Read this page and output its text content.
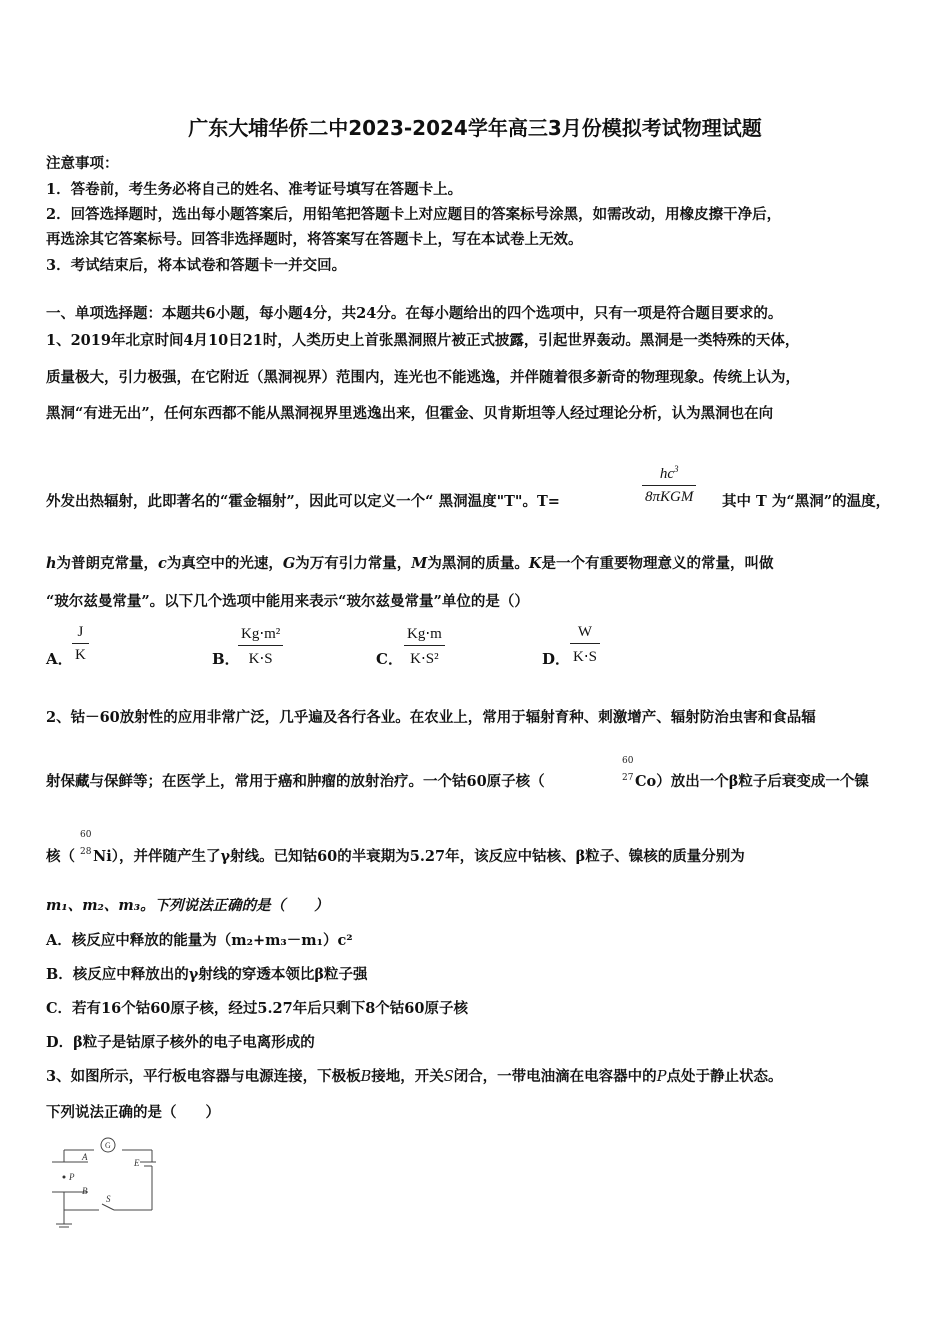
广东大埔华侨二中2023-2024学年高三3月份模拟考试物理试题
注意事项：
1．答卷前，考生务必将自己的姓名、准考证号填写在答题卡上。
2．回答选择题时，选出每小题答案后，用铅笔把答题卡上对应题目的答案标号涂黑，如需改动，用橡皮擦干净后，
再选涂其它答案标号。回答非选择题时，将答案写在答题卡上，写在本试卷上无效。
3．考试结束后，将本试卷和答题卡一并交回。
一、单项选择题：本题共6小题，每小题4分，共24分。在每小题给出的四个选项中，只有一项是符合题目要求的。
1、2019年北京时间4月10日21时，人类历史上首张黑洞照片被正式披露，引起世界轰动。黑洞是一类特殊的天体，
质量极大，引力极强，在它附近（黑洞视界）范围内，连光也不能逃逸，并伴随着很多新奇的物理现象。传统上认为，
黑洞“有进无出”，任何东西都不能从黑洞视界里逃逸出来，但霍金、贝肯斯坦等人经过理论分析，认为黑洞也在向
外发出热辐射，此即著名的“霍金辐射”，因此可以定义一个“ 黑洞温度"T"。T=
$hc^3$
8πKGM 其中 T 为“黑洞”的温度，
h为普朗克常量，c为真空中的光速，G为万有引力常量，M为黑洞的质量。K是一个有重要物理意义的常量，叫做
“玻尔兹曼常量”。以下几个选项中能用来表示“玻尔兹曼常量”单位的是（）
A．
J
K	B．
Kg⋅m²
K⋅S	C．
Kg⋅m
K⋅S²	D．
W
K⋅S
2、钴－60放射性的应用非常广泛，几乎遍及各行各业。在农业上，常用于辐射育种、刺激增产、辐射防治虫害和食品辐
射保藏与保鲜等；在医学上，常用于癌和肿瘤的放射治疗。一个钴60原子核（
60
27 Co）放出一个β粒子后衰变成一个镍
核（
60
28 Ni），并伴随产生了γ射线。已知钴60的半衰期为5.27年，该反应中钴核、β粒子、镍核的质量分别为
m₁、m₂、m₃。下列说法正确的是（　　）
A．核反应中释放的能量为（m₂+m₃－m₁）c²
B．核反应中释放出的γ射线的穿透本领比β粒子强
C．若有16个钴60原子核，经过5.27年后只剩下8个钴60原子核
D．β粒子是钴原子核外的电子电离形成的
3、如图所示，平行板电容器与电源连接，下极板B接地，开关S闭合，一带电油滴在电容器中的P点处于静止状态。
下列说法正确的是（　　）
G
A
P
B
E
S
